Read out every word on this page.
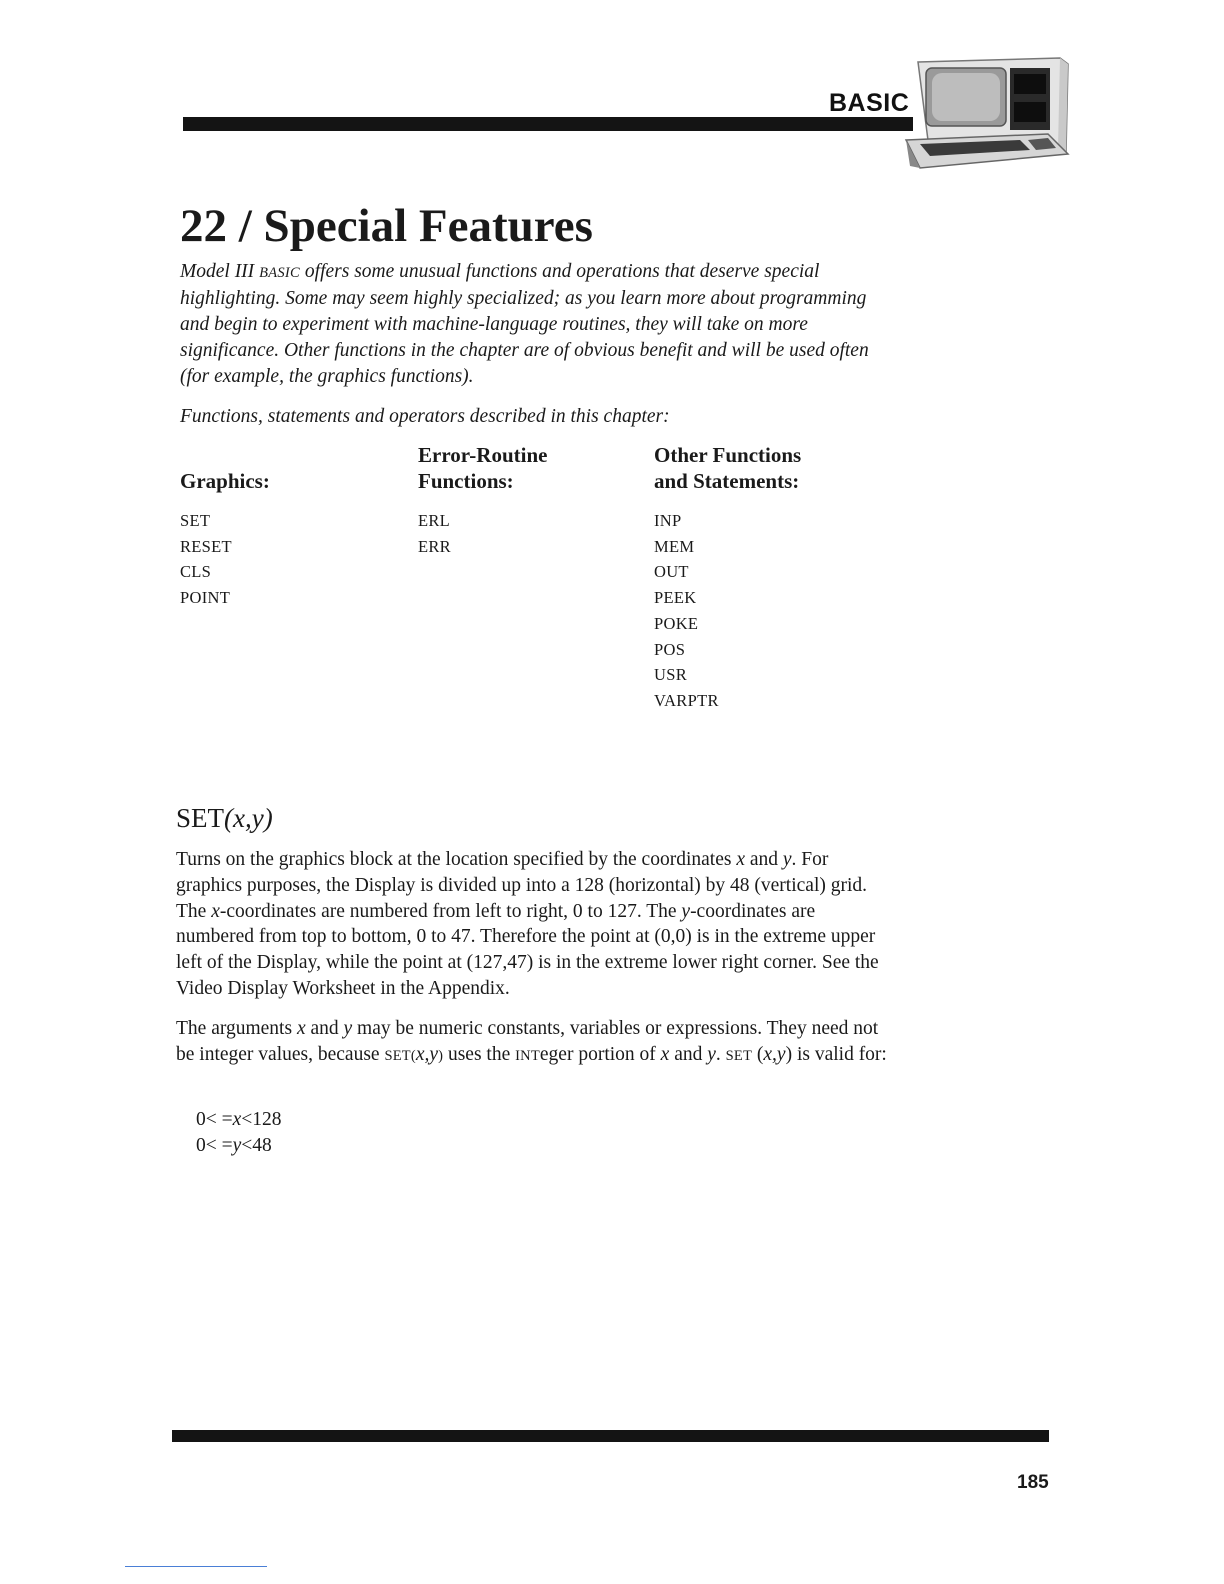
BASIC
22 / Special Features

Model III BASIC offers some unusual functions and operations that deserve special highlighting. Some may seem highly specialized; as you learn more about programming and begin to experiment with machine-language routines, they will take on more significance. Other functions in the chapter are of obvious benefit and will be used often (for example, the graphics functions).

Functions, statements and operators described in this chapter:

Graphics:
Error-Routine
Functions:
Other Functions
and Statements:
SET
RESET
CLS
POINT
ERL
ERR
INP
MEM
OUT
PEEK
POKE
POS
USR
VARPTR
SET(x,y)

Turns on the graphics block at the location specified by the coordinates x and y. For graphics purposes, the Display is divided up into a 128 (horizontal) by 48 (vertical) grid. The x-coordinates are numbered from left to right, 0 to 127. The y-coordinates are numbered from top to bottom, 0 to 47. Therefore the point at (0,0) is in the extreme upper left of the Display, while the point at (127,47) is in the extreme lower right corner. See the Video Display Worksheet in the Appendix.

The arguments x and y may be numeric constants, variables or expressions. They need not be integer values, because SET(x,y) uses the INTeger portion of x and y. SET (x,y) is valid for:

0< =x<128
0< =y<48
185
